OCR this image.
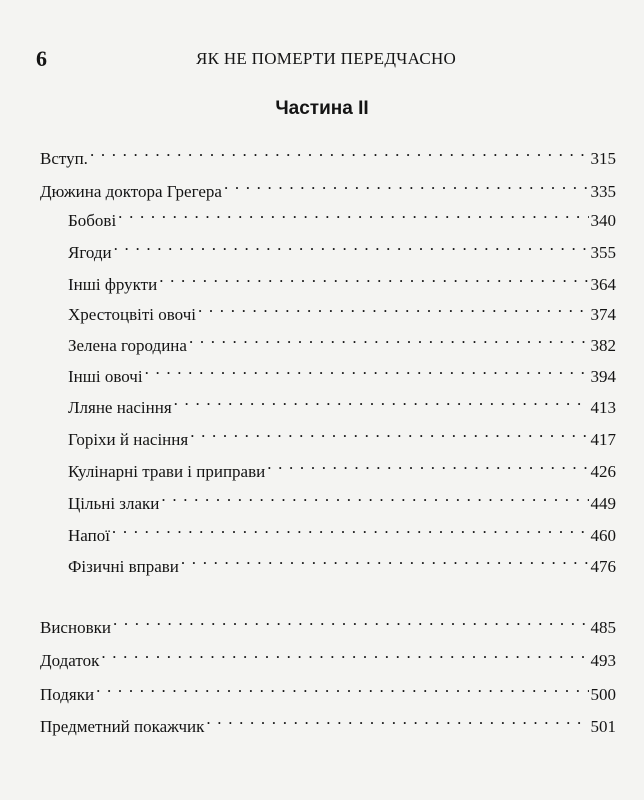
6	ЯК НЕ ПОМЕРТИ ПЕРЕДЧАСНО
Частина II
Вступ. . . .	315
Дюжина доктора Грегера . . .	335
Бобові . . .	340
Ягоди . . .	355
Інші фрукти . . .	364
Хрестоцвіті овочі . . .	374
Зелена городина . . .	382
Інші овочі . . .	394
Лляне насіння . . .	413
Горіхи й насіння . . .	417
Кулінарні трави і приправи . . .	426
Цільні злаки . . .	449
Напої . . .	460
Фізичні вправи . . .	476
Висновки . . .	485
Додаток . . .	493
Подяки . . .	500
Предметний покажчик . . .	501
